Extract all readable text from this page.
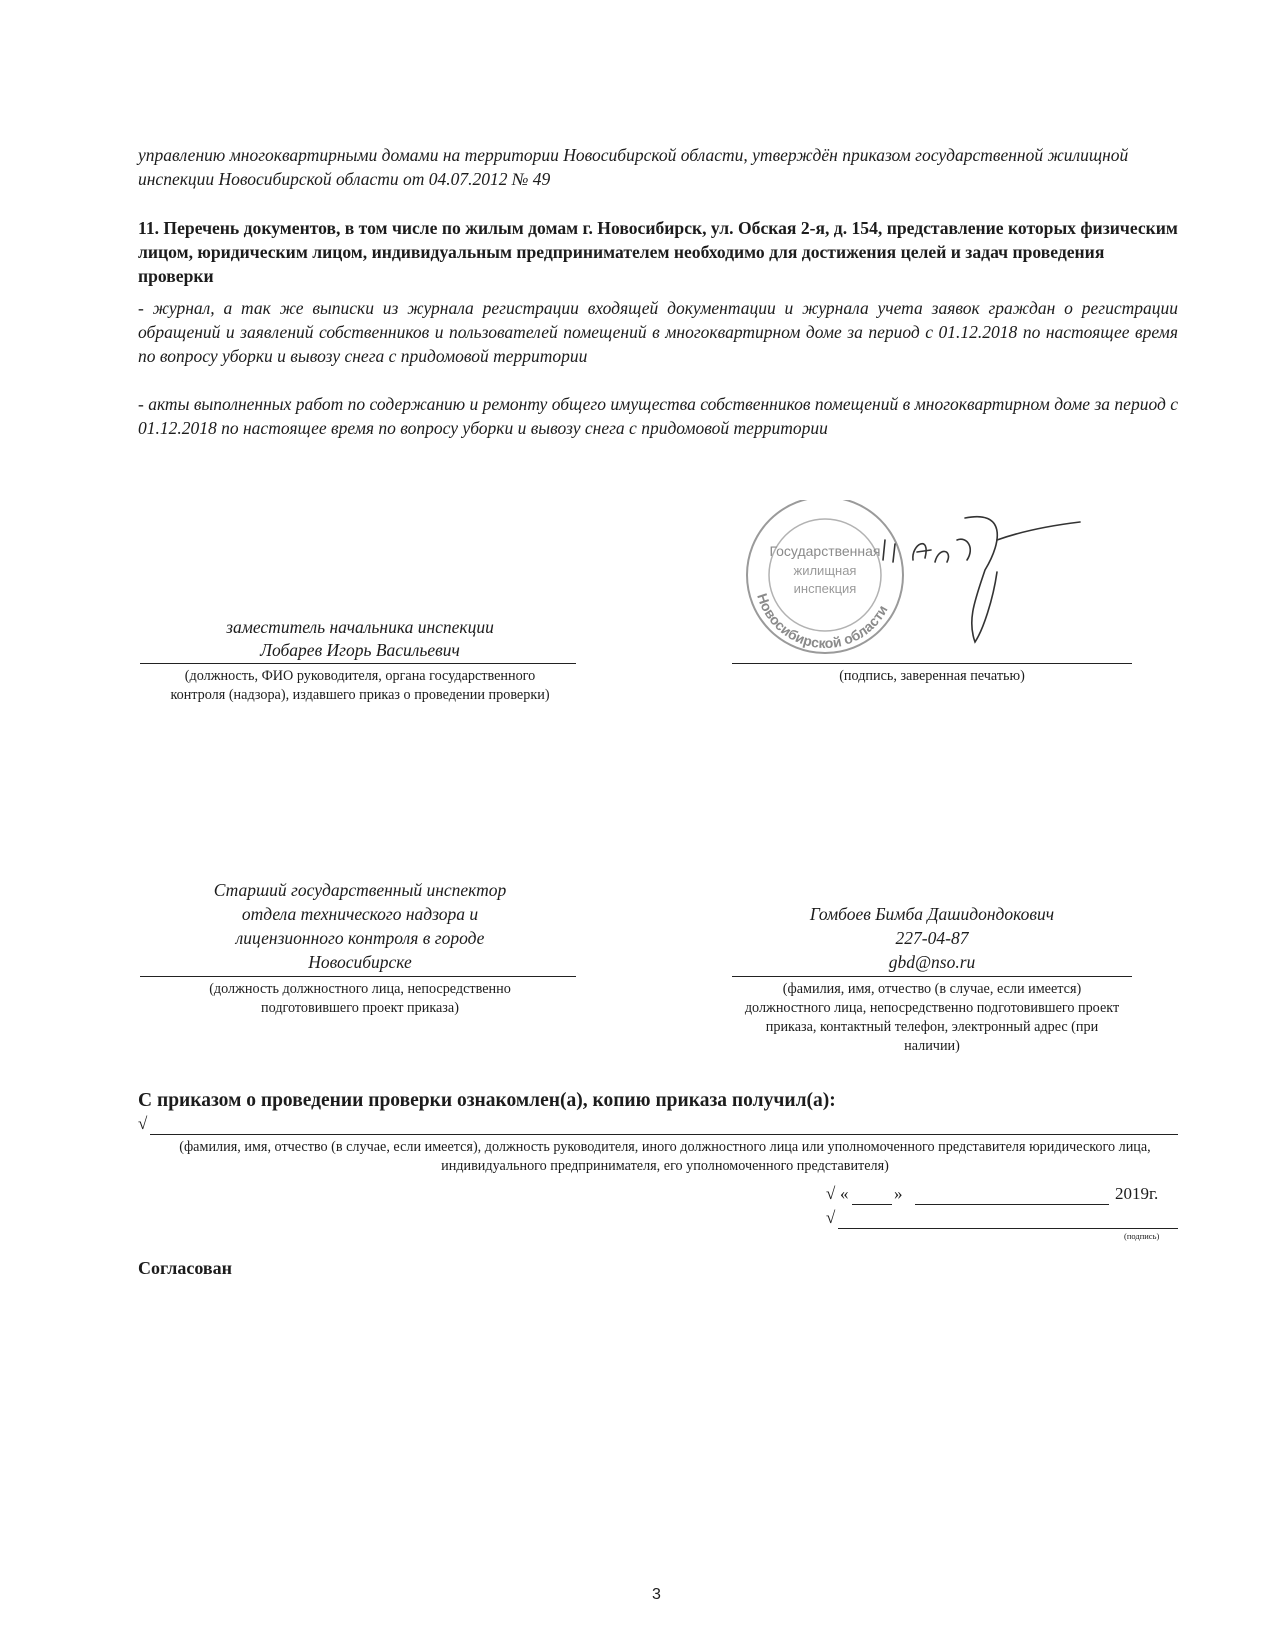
управлению многоквартирными домами на территории Новосибирской области, утверждён приказом государственной жилищной инспекции Новосибирской области от 04.07.2012 № 49
11. Перечень документов, в том числе по жилым домам г. Новосибирск, ул. Обская 2-я, д. 154, представление которых физическим лицом, юридическим лицом, индивидуальным предпринимателем необходимо для достижения целей и задач проведения проверки
- журнал, а так же выписки из журнала регистрации входящей документации и журнала учета заявок граждан о регистрации обращений и заявлений собственников и пользователей помещений в многоквартирном доме за период с 01.12.2018 по настоящее время по вопросу уборки и вывозу снега с придомовой территории
- акты выполненных работ по содержанию и ремонту общего имущества собственников помещений в многоквартирном доме за период с 01.12.2018 по настоящее время по вопросу уборки и вывозу снега с придомовой территории
заместитель начальника инспекции
Лобарев Игорь Васильевич
(должность, ФИО руководителя, органа государственного контроля (надзора), издавшего приказ о проведении проверки)
Государственная
жилищная
инспекция
Новосибирской области
(подпись, заверенная печатью)
Старший государственный инспектор
отдела технического надзора и
лицензионного контроля в городе
Новосибирске
(должность должностного лица, непосредственно подготовившего проект приказа)
Гомбоев Бимба Дашидондокович
227-04-87
gbd@nso.ru
(фамилия, имя, отчество (в случае, если имеется) должностного лица, непосредственно подготовившего проект приказа, контактный телефон, электронный адрес (при наличии)
С приказом о проведении проверки ознакомлен(а), копию приказа получил(а):
√
(фамилия, имя, отчество (в случае, если имеется), должность руководителя, иного должностного лица или уполномоченного представителя юридического лица, индивидуального предпринимателя, его уполномоченного представителя)
√ «	»	2019г.
√
(подпись)
Согласован
3
